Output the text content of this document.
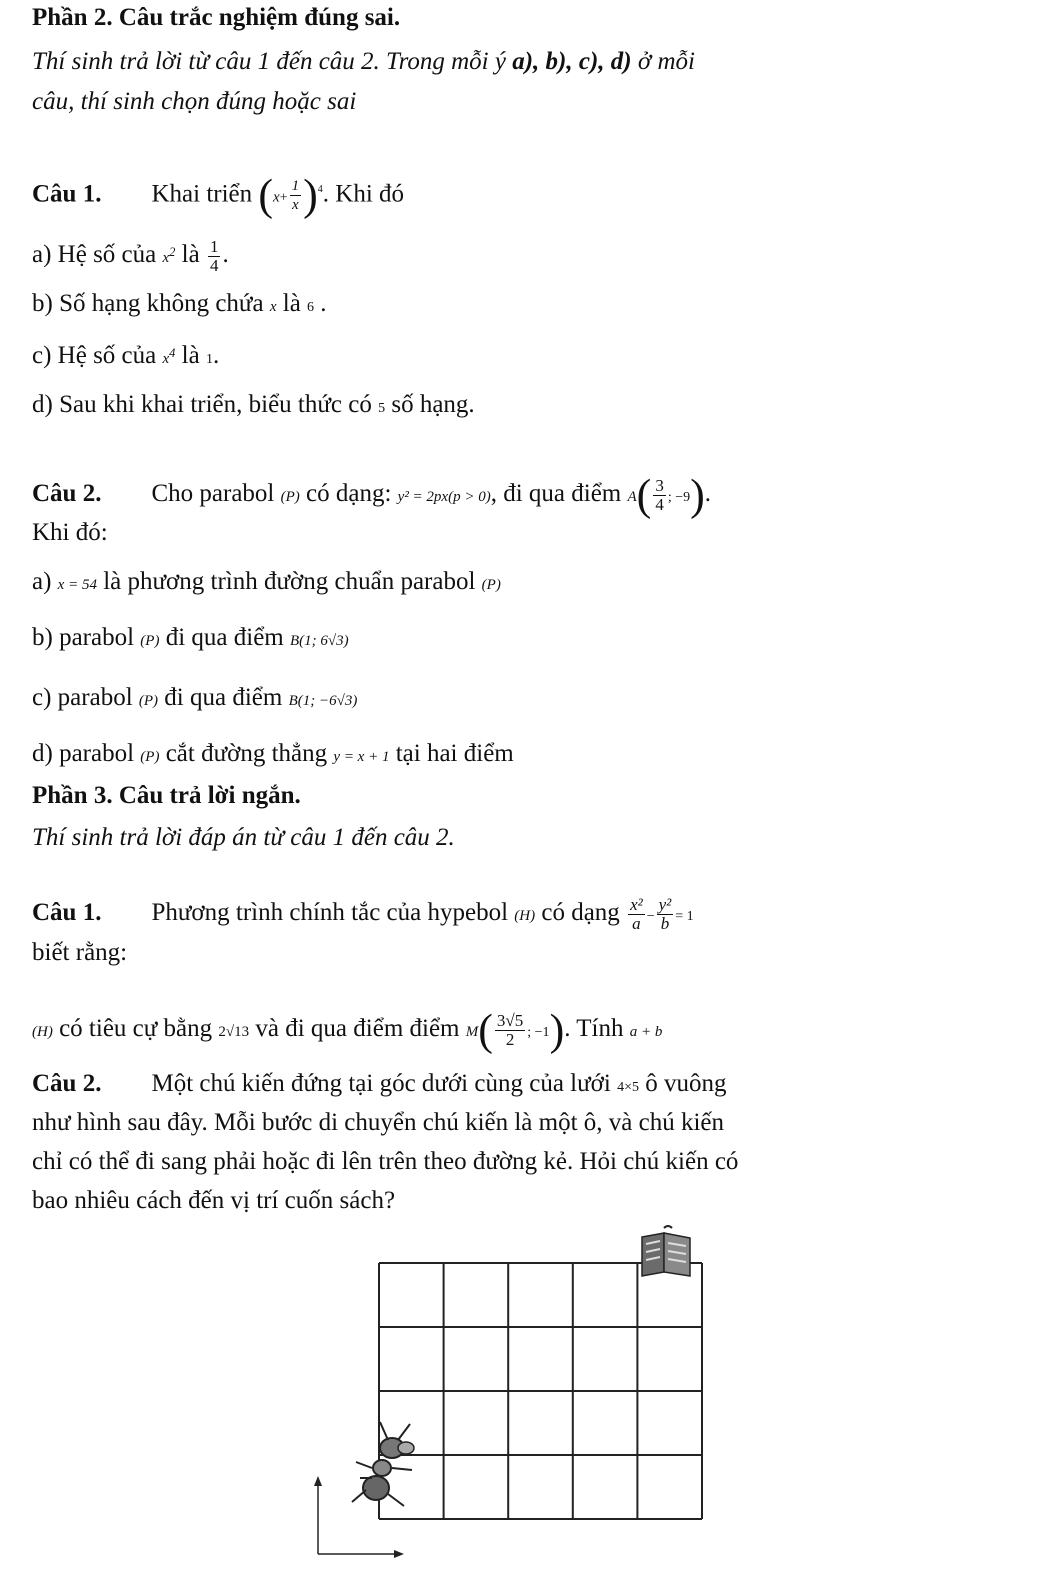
Phần 2. Câu trắc nghiệm đúng sai.
Thí sinh trả lời từ câu 1 đến câu 2. Trong mỗi ý a), b), c), d) ở mỗi
câu, thí sinh chọn đúng hoặc sai
Câu 1. Khai triển $(x+ \frac{1}{x} )^4$. Khi đó
a) Hệ số của $x^2$ là $\frac{1}{4}$ .
b) Số hạng không chứa x là 6 .
c) Hệ số của $x^4$ là 1.
d) Sau khi khai triển, biểu thức có 5 số hạng.
Câu 2. Cho parabol (P) có dạng: y² = 2px(p > 0), đi qua điểm $A( \frac{3}{4}$ ; −9).
Khi đó:
a) x = 54 là phương trình đường chuẩn parabol (P)
b) parabol (P) đi qua điểm B(1; 6√3)
c) parabol (P) đi qua điểm B(1; −6√3)
d) parabol (P) cắt đường thẳng y = x + 1 tại hai điểm
Phần 3. Câu trả lời ngắn.
Thí sinh trả lời đáp án từ câu 1 đến câu 2.
Câu 1. Phương trình chính tắc của hypebol (H) có dạng $\frac{\text{x²}}{a} - \frac{\text{y²}}{b} = 1$
biết rằng:
(H) có tiêu cự bằng 2√13 và đi qua điểm điểm $M( \frac{3√5}{2}$ ; −1). Tính a + b
Câu 2. Một chú kiến đứng tại góc dưới cùng của lưới 4×5 ô vuông
như hình sau đây. Mỗi bước di chuyển chú kiến là một ô, và chú kiến
chỉ có thể đi sang phải hoặc đi lên trên theo đường kẻ. Hỏi chú kiến có
bao nhiêu cách đến vị trí cuốn sách?
